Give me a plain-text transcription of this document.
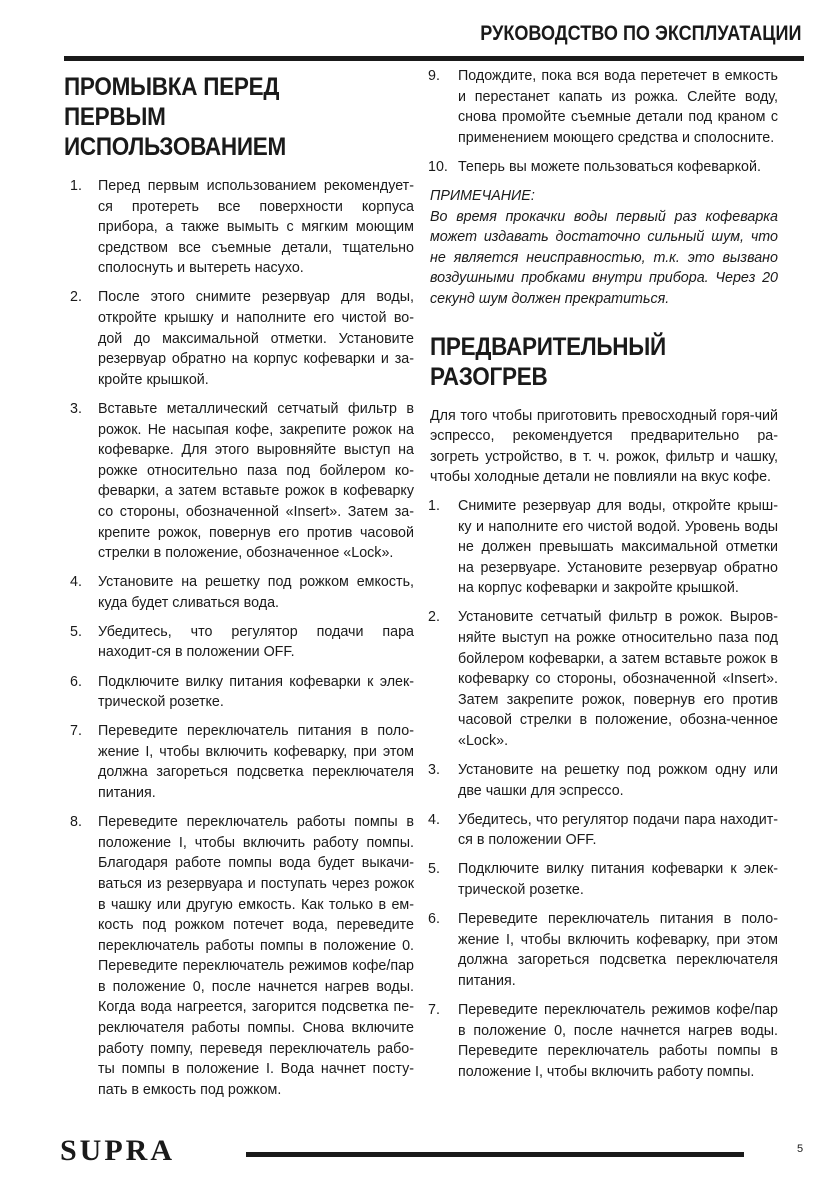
РУКОВОДСТВО ПО ЭКСПЛУАТАЦИИ
ПРОМЫВКА ПЕРЕД ПЕРВЫМ ИСПОЛЬЗОВАНИЕМ
1. Перед первым использованием рекомендует-ся протереть все поверхности корпуса прибора, а также вымыть с мягким моющим средством все съемные детали, тщательно сполоснуть и вытереть насухо.
2. После этого снимите резервуар для воды, откройте крышку и наполните его чистой во-дой до максимальной отметки. Установите резервуар обратно на корпус кофеварки и за-кройте крышкой.
3. Вставьте металлический сетчатый фильтр в рожок. Не насыпая кофе, закрепите рожок на кофеварке. Для этого выровняйте выступ на рожке относительно паза под бойлером ко-феварки, а затем вставьте рожок в кофеварку со стороны, обозначенной «Insert». Затем за-крепите рожок, повернув его против часовой стрелки в положение, обозначенное «Lock».
4. Установите на решетку под рожком емкость, куда будет сливаться вода.
5. Убедитесь, что регулятор подачи пара находит-ся в положении OFF.
6. Подключите вилку питания кофеварки к элек-трической розетке.
7. Переведите переключатель питания в поло-жение I, чтобы включить кофеварку, при этом должна загореться подсветка переключателя питания.
8. Переведите переключатель работы помпы в положение I, чтобы включить работу помпы. Благодаря работе помпы вода будет выкачи-ваться из резервуара и поступать через рожок в чашку или другую емкость. Как только в ем-кость под рожком потечет вода, переведите переключатель работы помпы в положение 0. Переведите переключатель режимов кофе/пар в положение 0, после начнется нагрев воды. Когда вода нагреется, загорится подсветка пе-реключателя работы помпы. Снова включите работу помпу, переведя переключатель рабо-ты помпы в положение I. Вода начнет посту-пать в емкость под рожком.
9. Подождите, пока вся вода перетечет в емкость и перестанет капать из рожка. Слейте воду, снова промойте съемные детали под краном с применением моющего средства и сполосните.
10. Теперь вы можете пользоваться кофеваркой.
ПРИМЕЧАНИЕ:
Во время прокачки воды первый раз кофеварка может издавать достаточно сильный шум, что не является неисправностью, т.к. это вызвано воздушными пробками внутри прибора. Через 20 секунд шум должен прекратиться.
ПРЕДВАРИТЕЛЬНЫЙ РАЗОГРЕВ
Для того чтобы приготовить превосходный горя-чий эспрессо, рекомендуется предварительно ра-зогреть устройство, в т. ч. рожок, фильтр и чашку, чтобы холодные детали не повлияли на вкус кофе.
1. Снимите резервуар для воды, откройте крыш-ку и наполните его чистой водой. Уровень воды не должен превышать максимальной отметки на резервуаре. Установите резервуар обратно на корпус кофеварки и закройте крышкой.
2. Установите сетчатый фильтр в рожок. Выров-няйте выступ на рожке относительно паза под бойлером кофеварки, а затем вставьте рожок в кофеварку со стороны, обозначенной «Insert». Затем закрепите рожок, повернув его против часовой стрелки в положение, обозна-ченное «Lock».
3. Установите на решетку под рожком одну или две чашки для эспрессо.
4. Убедитесь, что регулятор подачи пара находит-ся в положении OFF.
5. Подключите вилку питания кофеварки к элек-трической розетке.
6. Переведите переключатель питания в поло-жение I, чтобы включить кофеварку, при этом должна загореться подсветка переключателя питания.
7. Переведите переключатель режимов кофе/пар в положение 0, после начнется нагрев воды. Переведите переключатель работы помпы в положение I, чтобы включить работу помпы.
SUPRA	5
